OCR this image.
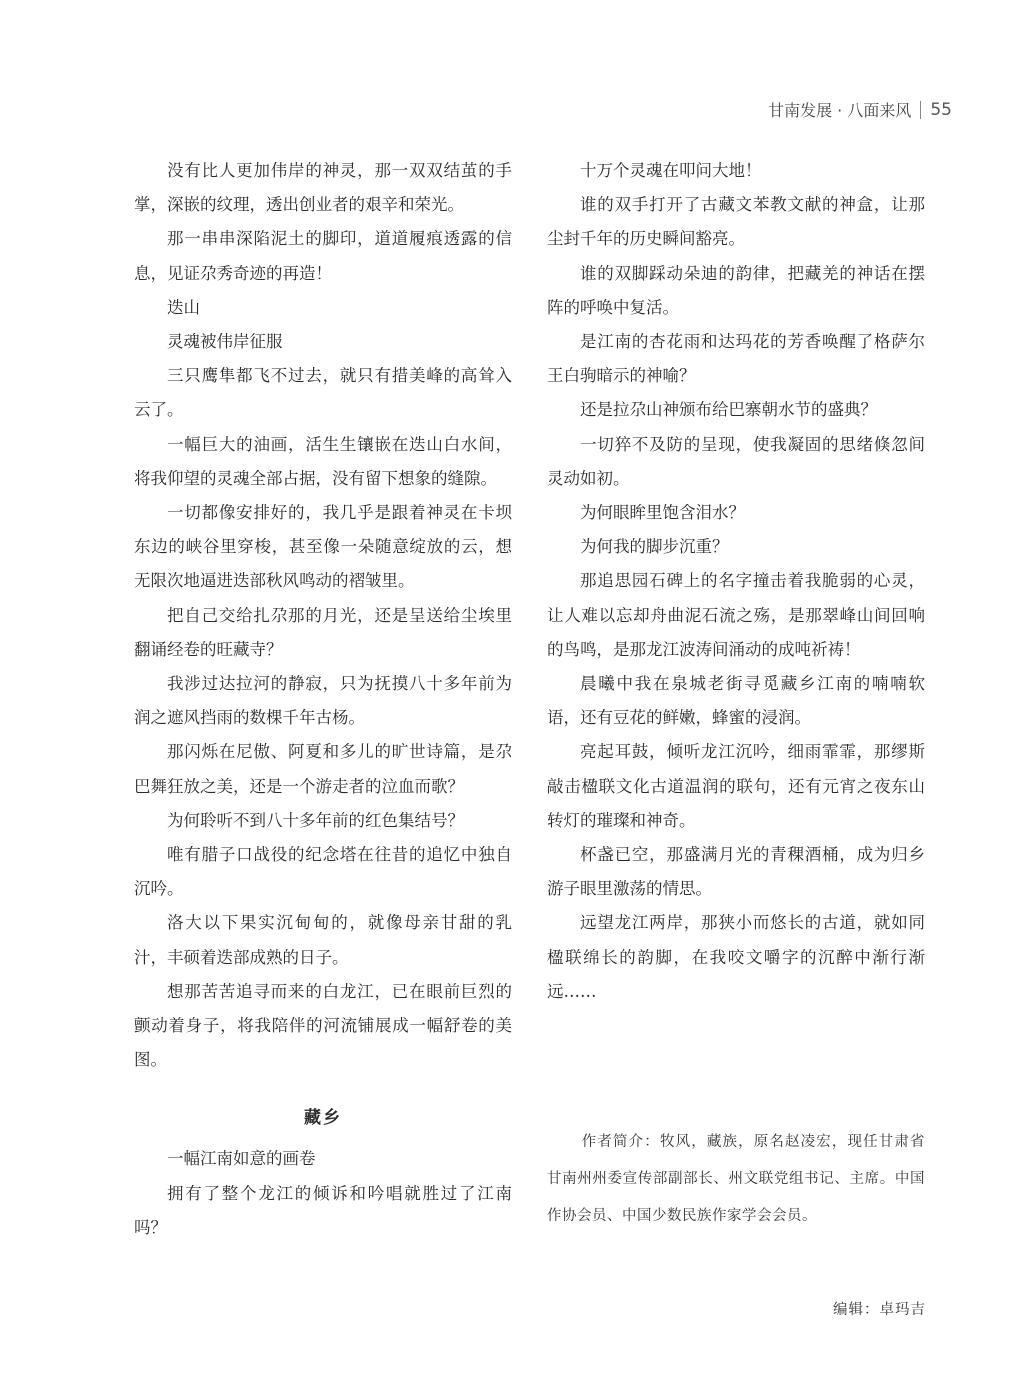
甘南发展 · 八面来风 55

没有比人更加伟岸的神灵，那一双双结茧的手掌，深嵌的纹理，透出创业者的艰辛和荣光。

那一串串深陷泥土的脚印，道道履痕透露的信息，见证尕秀奇迹的再造！

迭山

灵魂被伟岸征服

三只鹰隼都飞不过去，就只有措美峰的高耸入云了。

一幅巨大的油画，活生生镶嵌在迭山白水间，将我仰望的灵魂全部占据，没有留下想象的缝隙。

一切都像安排好的，我几乎是跟着神灵在卡坝东边的峡谷里穿梭，甚至像一朵随意绽放的云，想无限次地逼进迭部秋风鸣动的褶皱里。

把自己交给扎尕那的月光，还是呈送给尘埃里翻诵经卷的旺藏寺？

我涉过达拉河的静寂，只为抚摸八十多年前为润之遮风挡雨的数棵千年古杨。

那闪烁在尼傲、阿夏和多儿的旷世诗篇，是尕巴舞狂放之美，还是一个游走者的泣血而歌？

为何聆听不到八十多年前的红色集结号？

唯有腊子口战役的纪念塔在往昔的追忆中独自沉吟。

洛大以下果实沉甸甸的，就像母亲甘甜的乳汁，丰硕着迭部成熟的日子。

想那苦苦追寻而来的白龙江，已在眼前巨烈的颤动着身子，将我陪伴的河流铺展成一幅舒卷的美图。

藏乡

一幅江南如意的画卷

拥有了整个龙江的倾诉和吟唱就胜过了江南吗？

十万个灵魂在叩问大地！

谁的双手打开了古藏文苯教文献的神盒，让那尘封千年的历史瞬间豁亮。

谁的双脚踩动朵迪的韵律，把藏羌的神话在摆阵的呼唤中复活。

是江南的杏花雨和达玛花的芳香唤醒了格萨尔王白驹暗示的神喻？

还是拉尕山神颁布给巴寨朝水节的盛典？

一切猝不及防的呈现，使我凝固的思绪倏忽间灵动如初。

为何眼眸里饱含泪水？

为何我的脚步沉重？

那追思园石碑上的名字撞击着我脆弱的心灵，让人难以忘却舟曲泥石流之殇，是那翠峰山间回响的鸟鸣，是那龙江波涛间涌动的成吨祈祷！

晨曦中我在泉城老街寻觅藏乡江南的喃喃软语，还有豆花的鲜嫩，蜂蜜的浸润。

亮起耳鼓，倾听龙江沉吟，细雨霏霏，那缪斯敲击楹联文化古道温润的联句，还有元宵之夜东山转灯的璀璨和神奇。

杯盏已空，那盛满月光的青稞酒桶，成为归乡游子眼里激荡的情思。

远望龙江两岸，那狭小而悠长的古道，就如同楹联绵长的韵脚，在我咬文嚼字的沉醉中渐行渐远……

作者简介：牧风，藏族，原名赵凌宏，现任甘肃省甘南州州委宣传部副部长、州文联党组书记、主席。中国作协会员、中国少数民族作家学会会员。
编辑：卓玛吉
